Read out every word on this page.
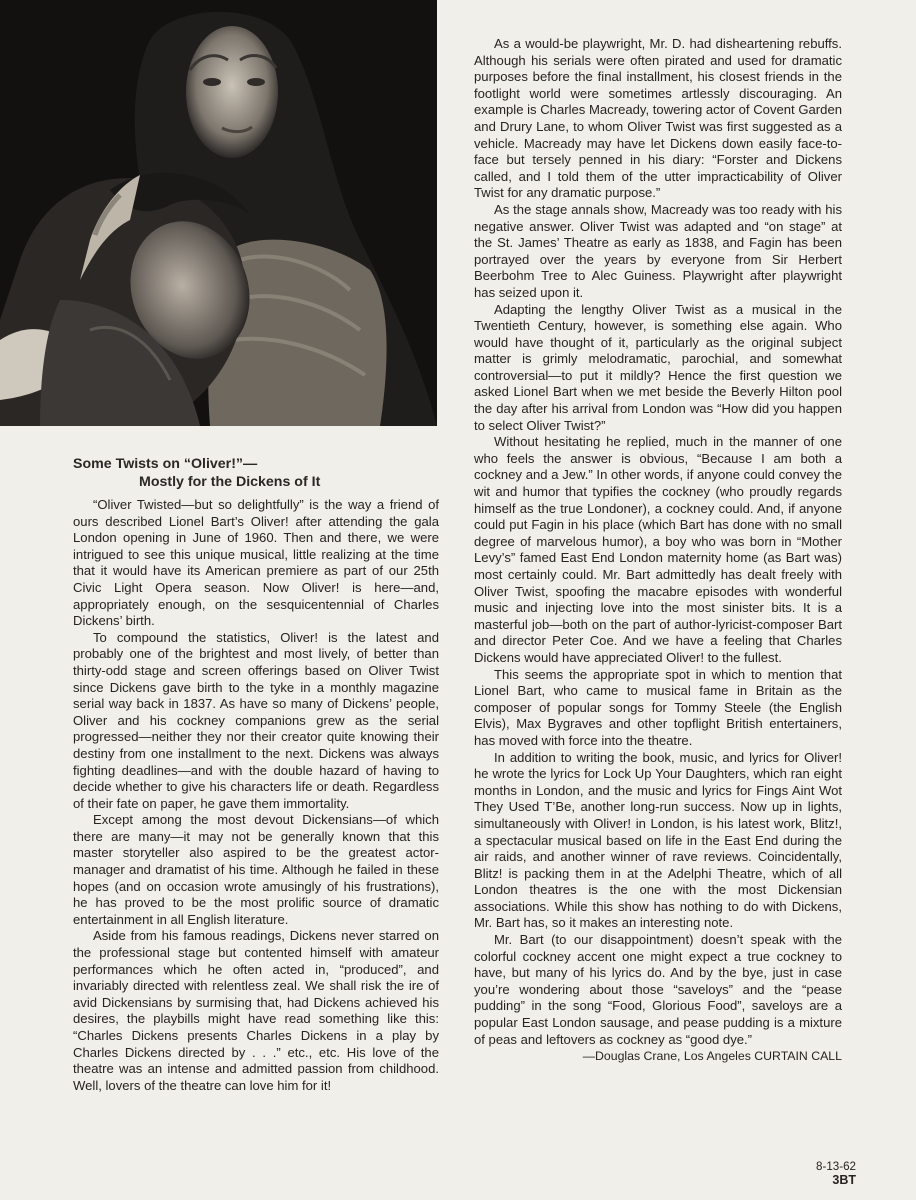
Some Twists on “Oliver!”—
Mostly for the Dickens of It

“Oliver Twisted—but so delightfully” is the way a friend of ours described Lionel Bart’s Oliver! after attending the gala London opening in June of 1960. Then and there, we were intrigued to see this unique musical, little realizing at the time that it would have its American premiere as part of our 25th Civic Light Opera season. Now Oliver! is here—and, appropriately enough, on the sesquicentennial of Charles Dickens’ birth.

To compound the statistics, Oliver! is the latest and probably one of the brightest and most lively, of better than thirty-odd stage and screen offerings based on Oliver Twist since Dickens gave birth to the tyke in a monthly magazine serial way back in 1837. As have so many of Dickens’ people, Oliver and his cockney companions grew as the serial progressed—neither they nor their creator quite knowing their destiny from one installment to the next. Dickens was always fighting deadlines—and with the double hazard of having to decide whether to give his characters life or death. Regardless of their fate on paper, he gave them immortality.

Except among the most devout Dickensians—of which there are many—it may not be generally known that this master storyteller also aspired to be the greatest actor-manager and dramatist of his time. Although he failed in these hopes (and on occasion wrote amusingly of his frustrations), he has proved to be the most prolific source of dramatic entertainment in all English literature.

Aside from his famous readings, Dickens never starred on the professional stage but contented himself with amateur performances which he often acted in, “produced”, and invariably directed with relentless zeal. We shall risk the ire of avid Dickensians by surmising that, had Dickens achieved his desires, the playbills might have read something like this: “Charles Dickens presents Charles Dickens in a play by Charles Dickens directed by . . .” etc., etc. His love of the theatre was an intense and admitted passion from childhood. Well, lovers of the theatre can love him for it!

As a would-be playwright, Mr. D. had disheartening rebuffs. Although his serials were often pirated and used for dramatic purposes before the final installment, his closest friends in the footlight world were sometimes artlessly discouraging. An example is Charles Macready, towering actor of Covent Garden and Drury Lane, to whom Oliver Twist was first suggested as a vehicle. Macready may have let Dickens down easily face-to-face but tersely penned in his diary: “Forster and Dickens called, and I told them of the utter impracticability of Oliver Twist for any dramatic purpose.”

As the stage annals show, Macready was too ready with his negative answer. Oliver Twist was adapted and “on stage” at the St. James’ Theatre as early as 1838, and Fagin has been portrayed over the years by everyone from Sir Herbert Beerbohm Tree to Alec Guiness. Playwright after playwright has seized upon it.

Adapting the lengthy Oliver Twist as a musical in the Twentieth Century, however, is something else again. Who would have thought of it, particularly as the original subject matter is grimly melodramatic, parochial, and somewhat controversial—to put it mildly? Hence the first question we asked Lionel Bart when we met beside the Beverly Hilton pool the day after his arrival from London was “How did you happen to select Oliver Twist?”

Without hesitating he replied, much in the manner of one who feels the answer is obvious, “Because I am both a cockney and a Jew.” In other words, if anyone could convey the wit and humor that typifies the cockney (who proudly regards himself as the true Londoner), a cockney could. And, if anyone could put Fagin in his place (which Bart has done with no small degree of marvelous humor), a boy who was born in “Mother Levy’s” famed East End London maternity home (as Bart was) most certainly could. Mr. Bart admittedly has dealt freely with Oliver Twist, spoofing the macabre episodes with wonderful music and injecting love into the most sinister bits. It is a masterful job—both on the part of author-lyricist-composer Bart and director Peter Coe. And we have a feeling that Charles Dickens would have appreciated Oliver! to the fullest.

This seems the appropriate spot in which to mention that Lionel Bart, who came to musical fame in Britain as the composer of popular songs for Tommy Steele (the English Elvis), Max Bygraves and other topflight British entertainers, has moved with force into the theatre.

In addition to writing the book, music, and lyrics for Oliver! he wrote the lyrics for Lock Up Your Daughters, which ran eight months in London, and the music and lyrics for Fings Aint Wot They Used T’Be, another long-run success. Now up in lights, simultaneously with Oliver! in London, is his latest work, Blitz!, a spectacular musical based on life in the East End during the air raids, and another winner of rave reviews. Coincidentally, Blitz! is packing them in at the Adelphi Theatre, which of all London theatres is the one with the most Dickensian associations. While this show has nothing to do with Dickens, Mr. Bart has, so it makes an interesting note.

Mr. Bart (to our disappointment) doesn’t speak with the colorful cockney accent one might expect a true cockney to have, but many of his lyrics do. And by the bye, just in case you’re wondering about those “saveloys” and the “pease pudding” in the song “Food, Glorious Food”, saveloys are a popular East London sausage, and pease pudding is a mixture of peas and leftovers as cockney as “good dye.”

—Douglas Crane, Los Angeles CURTAIN CALL

8-13-62
3BT
